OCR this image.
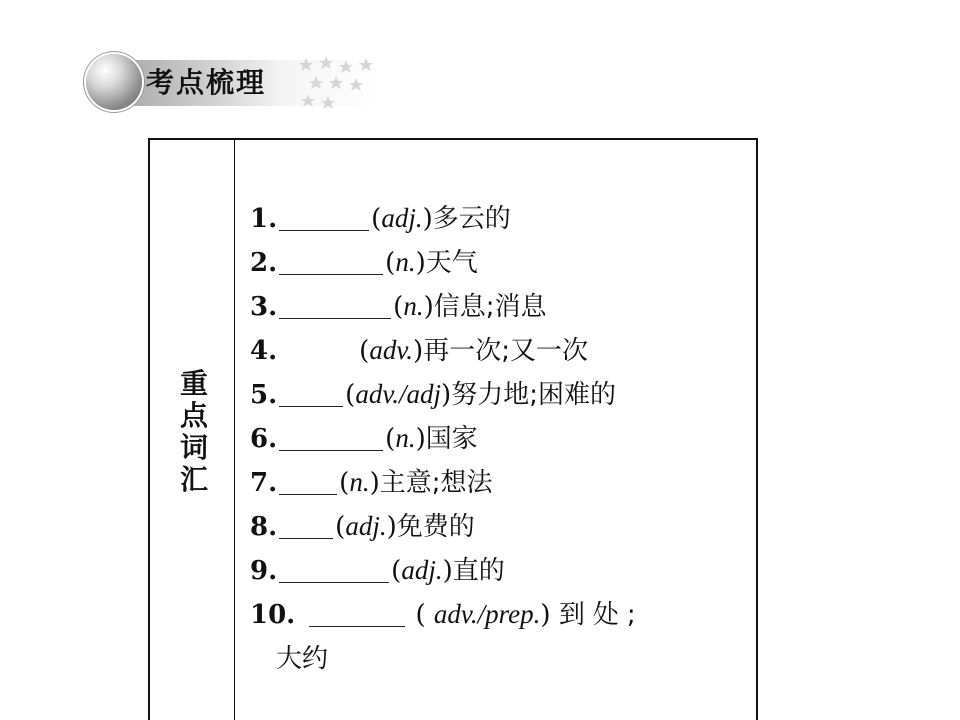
考点梳理
重点词汇
1.	(adj.)多云的
2.	(n.)天气
3.	(n.)信息;消息
4.	(adv.)再一次;又一次
5.	(adv./adj)努力地;困难的
6.	(n.)国家
7. (n.)主意;想法
8. (adj.)免费的
9.	(adj.)直的
10.	( adv./prep.) 到处;
大约
